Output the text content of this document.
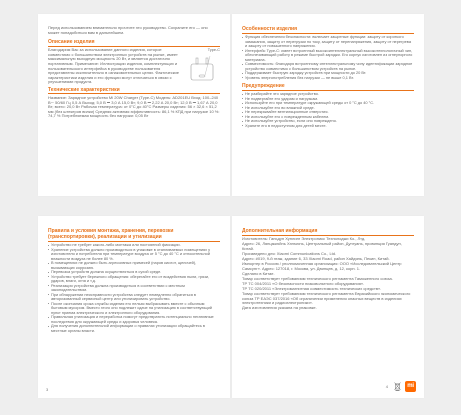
Перед использованием внимательно прочтите это руководство. Сохраните его — оно может понадобиться вам в дальнейшем.
Описание изделия
Благодарим Вас за использование данного изделия, которое совместимо с большинством электронных устройств на рынке, имеет максимальную выходную мощность 20 Вт, и является достаточно портативным. Примечание: Иллюстрации изделия, комплектующих и пользовательского интерфейса в руководстве пользователя представлены исключительно в ознакомительных целях. Фактические характеристики изделия и его функции могут отличаться в связи с улучшениями продукта.
Type-C
Технические характеристики
Название: Зарядное устройство Mi 20W Charger (Type-C) Модель: AD201EU Вход: 100–240 В∼ 50/60 Гц 0,5 А Выход: 5,0 В ⎓ 3,0 А 15,0 Вт; 9,0 В ⎓ 2,22 А 20,0 Вт; 12,0 В ⎓ 1,67 А 20,0 Вт; всего: 20,0 Вт Рабочая температура: от 0°C до 40°C Размеры изделия: 56 × 32,6 × 51,2 мм (без штекеров вилки) Средняя активная эффективность: 86,1 % КПД при нагрузке 10 %: 74,7 % Потребляемая мощность без нагрузки: 0,05 Вт
Особенности изделия
Функция обеспечения безопасности: включает защитные функции: защиту от короткого замыкания, защиту от перегрузки по току, защиту от перенапряжения, защиту от перегрева и защиту от повышенного напряжения.
Интерфейс Type-C: имеет встроенный высокоинтеллектуальный высокотехнологичный чип, обеспечивающий работу в режиме быстрой зарядки. Его корпус изготовлен из огнеупорного материала.
Совместимость: благодаря встроенному интеллектуальному чипу идентификации зарядное устройство совместимо с большинством устройств на рынке.
Поддерживает быструю зарядку устройств при мощности до 20 Вт.
Уровень энергопотребления без нагрузки — не выше 0,1 Вт.
Предупреждение
Не разбирайте это зарядное устройство.
Не подвергайте его ударам и нагрузкам.
Используйте его при температуре окружающей среды от 0 °C до 40 °C.
Не используйте его во влажной среде.
Не перекрывайте вентиляционные отверстия.
Не используйте его с поврежденным кабелем.
Не используйте устройство, если оно повреждено.
Храните его в недоступном для детей месте.
Правила и условия монтажа, хранения, перевозки (транспортировки), реализации и утилизации
Устройство не требует какого-либо монтажа или постоянной фиксации.
Хранение устройства должно производиться в упаковке в отапливаемых помещениях у изготовителя и потребителя при температуре воздуха от 5 °C до 40 °C и относительной влажности воздуха не более 80 %.
В помещениях не должно быть агрессивных примесей (паров кислот, щелочей), вызывающих коррозию.
Перевозка устройств должна осуществляться в сухой среде.
Устройство требует бережного обращения: оберегайте его от воздействия пыли, грязи, ударов, влаги, огня и т.д.
Реализация устройства должна производиться в соответствии с местным законодательством.
При обнаружении неисправности устройства следует немедленно обратиться в авторизованный сервисный центр или утилизировать устройство.
После окончания срока службы изделия его нельзя выбрасывать вместе с обычным бытовым мусором. Вместо этого оно подлежит сдаче на утилизацию в соответствующий пункт приема электрического и электронного оборудования.
Правильная утилизация и переработка помогут предотвратить потенциально негативные последствия для окружающей среды и здоровья человека.
Для получения дополнительной информации о правилах утилизации обращайтесь в местные органы власти.
3
Дополнительная информация
Изготовитель: Ганьдун Хунлинг Электроникс Технолоджи Ко., Лтд.
Адрес: 26, Лянцзыюйнь Хэнъюнь, Центральный район, Дунгуань, провинция Гуандун, Китай.
Произведено для: Xiaomi Communications Co., Ltd.
Адрес: #019, 9-й этаж, здание 6, 33 Xiaomi Road, район Хайдянь, Пекин, Китай.
Импортер в Россию / уполномоченная организация: ООО «Исследовательский Центр Самсунг». Адрес: 127018, г. Москва, ул. Двинцев, д. 12, корп. 1.
Сделано в Китае.
Товар соответствует требованиям технического регламента Таможенного союза.
ТР ТС 004/2011 «О безопасности низковольтного оборудования».
ТР ТС 020/2011 «Электромагнитная совместимость технических средств».
Товар соответствует требованиям технического регламента Евразийского экономического союза ТР ЕАЭС 037/2016 «Об ограничении применения опасных веществ в изделиях электротехники и радиоэлектроники».
Дата изготовления указана на упаковке.
4	mi
